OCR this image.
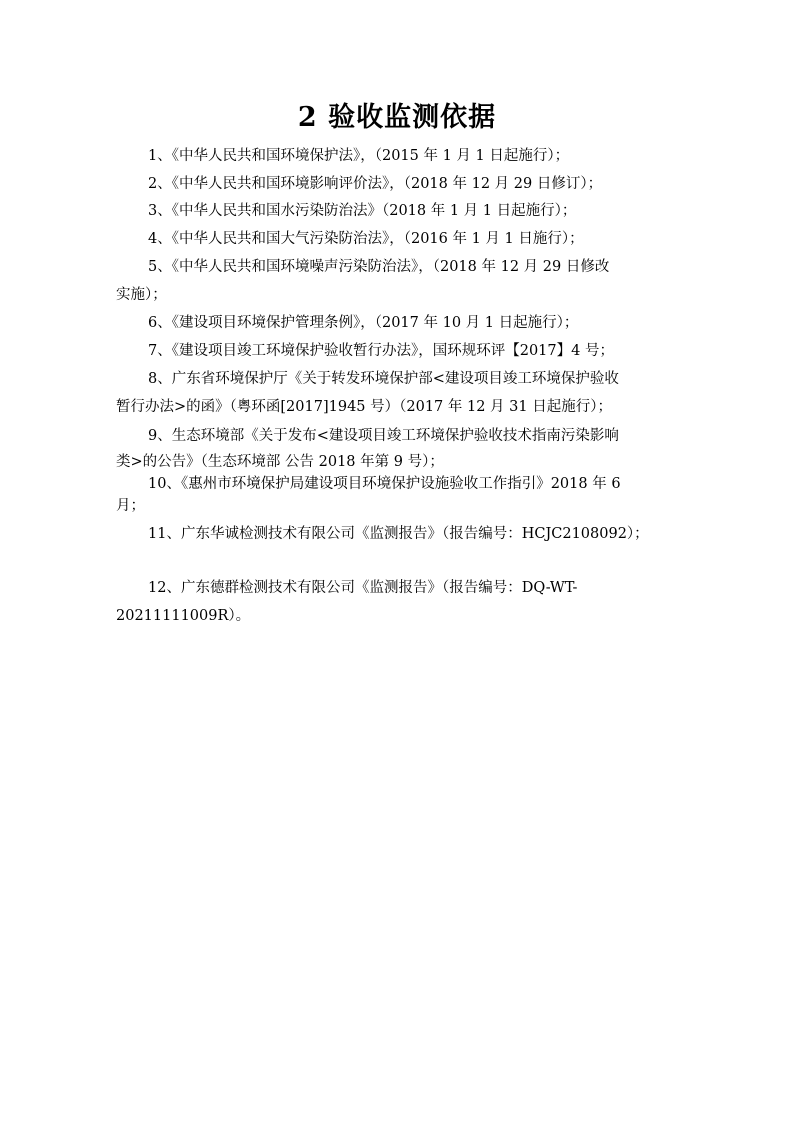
2 验收监测依据
1、《中华人民共和国环境保护法》，（2015 年 1 月 1 日起施行）；
2、《中华人民共和国环境影响评价法》，（2018 年 12 月 29 日修订）；
3、《中华人民共和国水污染防治法》（2018 年 1 月 1 日起施行）；
4、《中华人民共和国大气污染防治法》，（2016 年 1 月 1 日施行）；
5、《中华人民共和国环境噪声污染防治法》，（2018 年 12 月 29 日修改
实施）；
6、《建设项目环境保护管理条例》，（2017 年 10 月 1 日起施行）；
7、《建设项目竣工环境保护验收暂行办法》，国环规环评【2017】4 号；
8、广东省环境保护厅《关于转发环境保护部<建设项目竣工环境保护验收
暂行办法>的函》（粤环函[2017]1945 号）（2017 年 12 月 31 日起施行）；
9、生态环境部《关于发布<建设项目竣工环境保护验收技术指南污染影响
类>的公告》（生态环境部 公告 2018 年第 9 号）；
10、《惠州市环境保护局建设项目环境保护设施验收工作指引》2018 年 6
月；
11、广东华诚检测技术有限公司《监测报告》（报告编号：HCJC2108092）；
12、广东德群检测技术有限公司《监测报告》（报告编号：DQ-WT-
20211111009R）。
